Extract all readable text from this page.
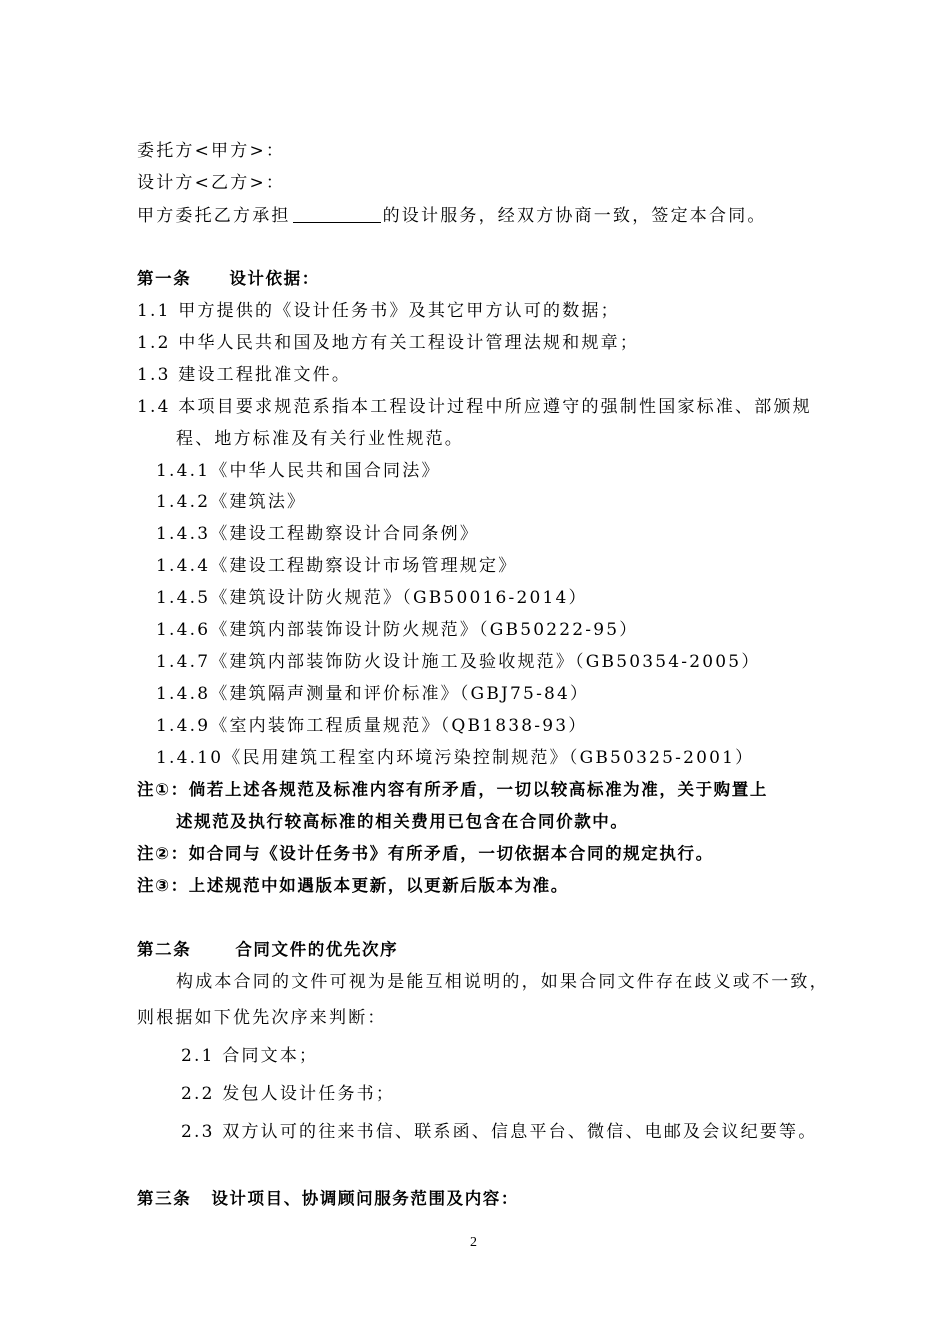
委托方<甲方>：
设计方<乙方>：
甲方委托乙方承担	的设计服务，经双方协商一致，签定本合同。
第一条 设计依据：
1.1 甲方提供的《设计任务书》及其它甲方认可的数据；
1.2 中华人民共和国及地方有关工程设计管理法规和规章；
1.3 建设工程批准文件。
1.4 本项目要求规范系指本工程设计过程中所应遵守的强制性国家标准、部颁规
程、地方标准及有关行业性规范。
1.4.1《中华人民共和国合同法》
1.4.2《建筑法》
1.4.3《建设工程勘察设计合同条例》
1.4.4《建设工程勘察设计市场管理规定》
1.4.5《建筑设计防火规范》（GB50016-2014）
1.4.6《建筑内部装饰设计防火规范》（GB50222-95）
1.4.7《建筑内部装饰防火设计施工及验收规范》（GB50354-2005）
1.4.8《建筑隔声测量和评价标准》（GBJ75-84）
1.4.9《室内装饰工程质量规范》（QB1838-93）
1.4.10《民用建筑工程室内环境污染控制规范》（GB50325-2001）
注①：倘若上述各规范及标准内容有所矛盾，一切以较高标准为准，关于购置上
述规范及执行较高标准的相关费用已包含在合同价款中。
注②：如合同与《设计任务书》有所矛盾，一切依据本合同的规定执行。
注③：上述规范中如遇版本更新，以更新后版本为准。
第二条	合同文件的优先次序
构成本合同的文件可视为是能互相说明的，如果合同文件存在歧义或不一致，
则根据如下优先次序来判断：
2.1 合同文本；
2.2 发包人设计任务书；
2.3 双方认可的往来书信、联系函、信息平台、微信、电邮及会议纪要等。
第三条 设计项目、协调顾问服务范围及内容：
2
